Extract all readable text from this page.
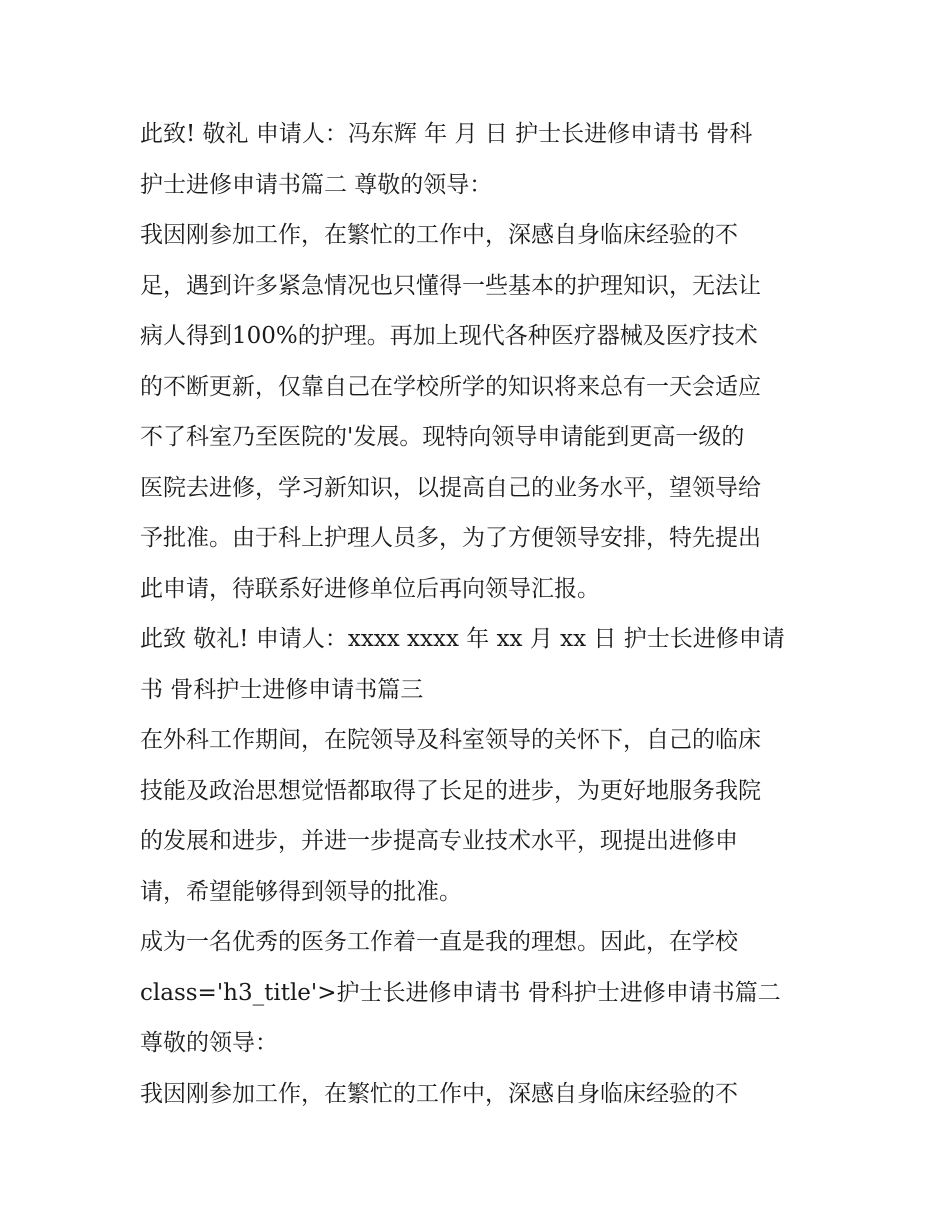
此致! 敬礼 申请人：冯东辉 年 月 日 护士长进修申请书 骨科
护士进修申请书篇二 尊敬的领导：
我因刚参加工作，在繁忙的工作中，深感自身临床经验的不
足，遇到许多紧急情况也只懂得一些基本的护理知识，无法让
病人得到100%的护理。再加上现代各种医疗器械及医疗技术
的不断更新，仅靠自己在学校所学的知识将来总有一天会适应
不了科室乃至医院的'发展。现特向领导申请能到更高一级的
医院去进修，学习新知识，以提高自己的业务水平，望领导给
予批准。由于科上护理人员多，为了方便领导安排，特先提出
此申请，待联系好进修单位后再向领导汇报。
此致 敬礼! 申请人：xxxx xxxx 年 xx 月 xx 日 护士长进修申请
书 骨科护士进修申请书篇三
在外科工作期间，在院领导及科室领导的关怀下，自己的临床
技能及政治思想觉悟都取得了长足的进步，为更好地服务我院
的发展和进步，并进一步提高专业技术水平，现提出进修申
请，希望能够得到领导的批准。
成为一名优秀的医务工作着一直是我的理想。因此，在学校
class='h3_title'>护士长进修申请书 骨科护士进修申请书篇二
尊敬的领导：
我因刚参加工作，在繁忙的工作中，深感自身临床经验的不
